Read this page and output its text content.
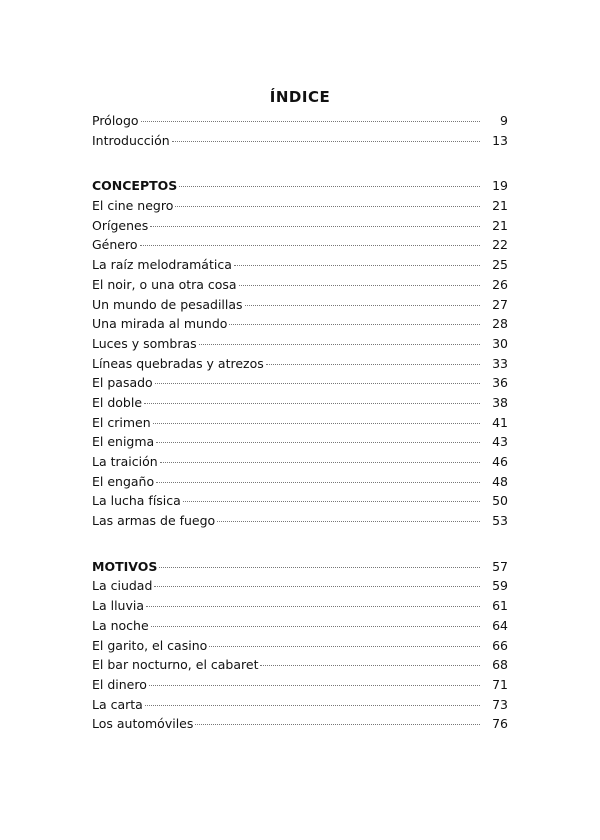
ÍNDICE
Prólogo	9
Introducción	13
CONCEPTOS	19
El cine negro	21
Orígenes	21
Género	22
La raíz melodramática	25
El noir, o una otra cosa	26
Un mundo de pesadillas	27
Una mirada al mundo	28
Luces y sombras	30
Líneas quebradas y atrezos	33
El pasado	36
El doble	38
El crimen	41
El enigma	43
La traición	46
El engaño	48
La lucha física	50
Las armas de fuego	53
MOTIVOS	57
La ciudad	59
La lluvia	61
La noche	64
El garito, el casino	66
El bar nocturno, el cabaret	68
El dinero	71
La carta	73
Los automóviles	76
